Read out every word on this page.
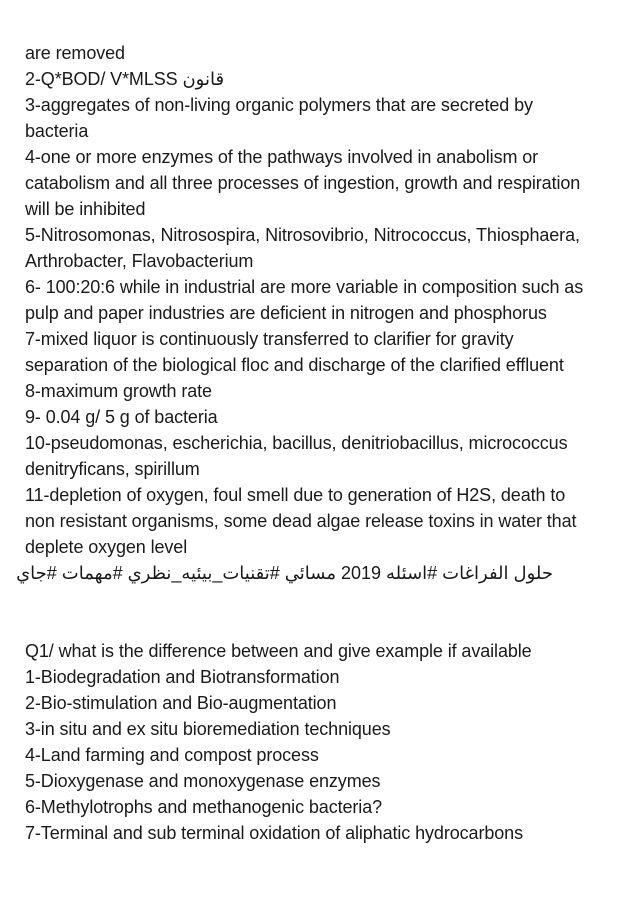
are removed
2-Q*BOD/ V*MLSS قانون
3-aggregates of non-living organic polymers that are secreted by
bacteria
4-one or more enzymes of the pathways involved in anabolism or
catabolism and all three processes of ingestion, growth and respiration
will be inhibited
5-Nitrosomonas, Nitrosospira, Nitrosovibrio, Nitrococcus, Thiosphaera,
Arthrobacter, Flavobacterium
6- 100:20:6 while in industrial are more variable in composition such as
pulp and paper industries are deficient in nitrogen and phosphorus
7-mixed liquor is continuously transferred to clarifier for gravity
separation of the biological floc and discharge of the clarified effluent
8-maximum growth rate
9- 0.04 g/ 5 g of bacteria
10-pseudomonas, escherichia, bacillus, denitriobacillus, micrococcus
denitryficans, spirillum
11-depletion of oxygen, foul smell due to generation of H2S, death to
non resistant organisms, some dead algae release toxins in water that
deplete oxygen level
حلول الفراغات #اسئله 2019 مسائي #تقنيات_بيئيه_نظري #مهمات #جاي
Q1/ what is the difference between and give example if available
1-Biodegradation and Biotransformation
2-Bio-stimulation and Bio-augmentation
3-in situ and ex situ bioremediation techniques
4-Land farming and compost process
5-Dioxygenase and monoxygenase enzymes
6-Methylotrophs and methanogenic bacteria?
7-Terminal and sub terminal oxidation of aliphatic hydrocarbons
